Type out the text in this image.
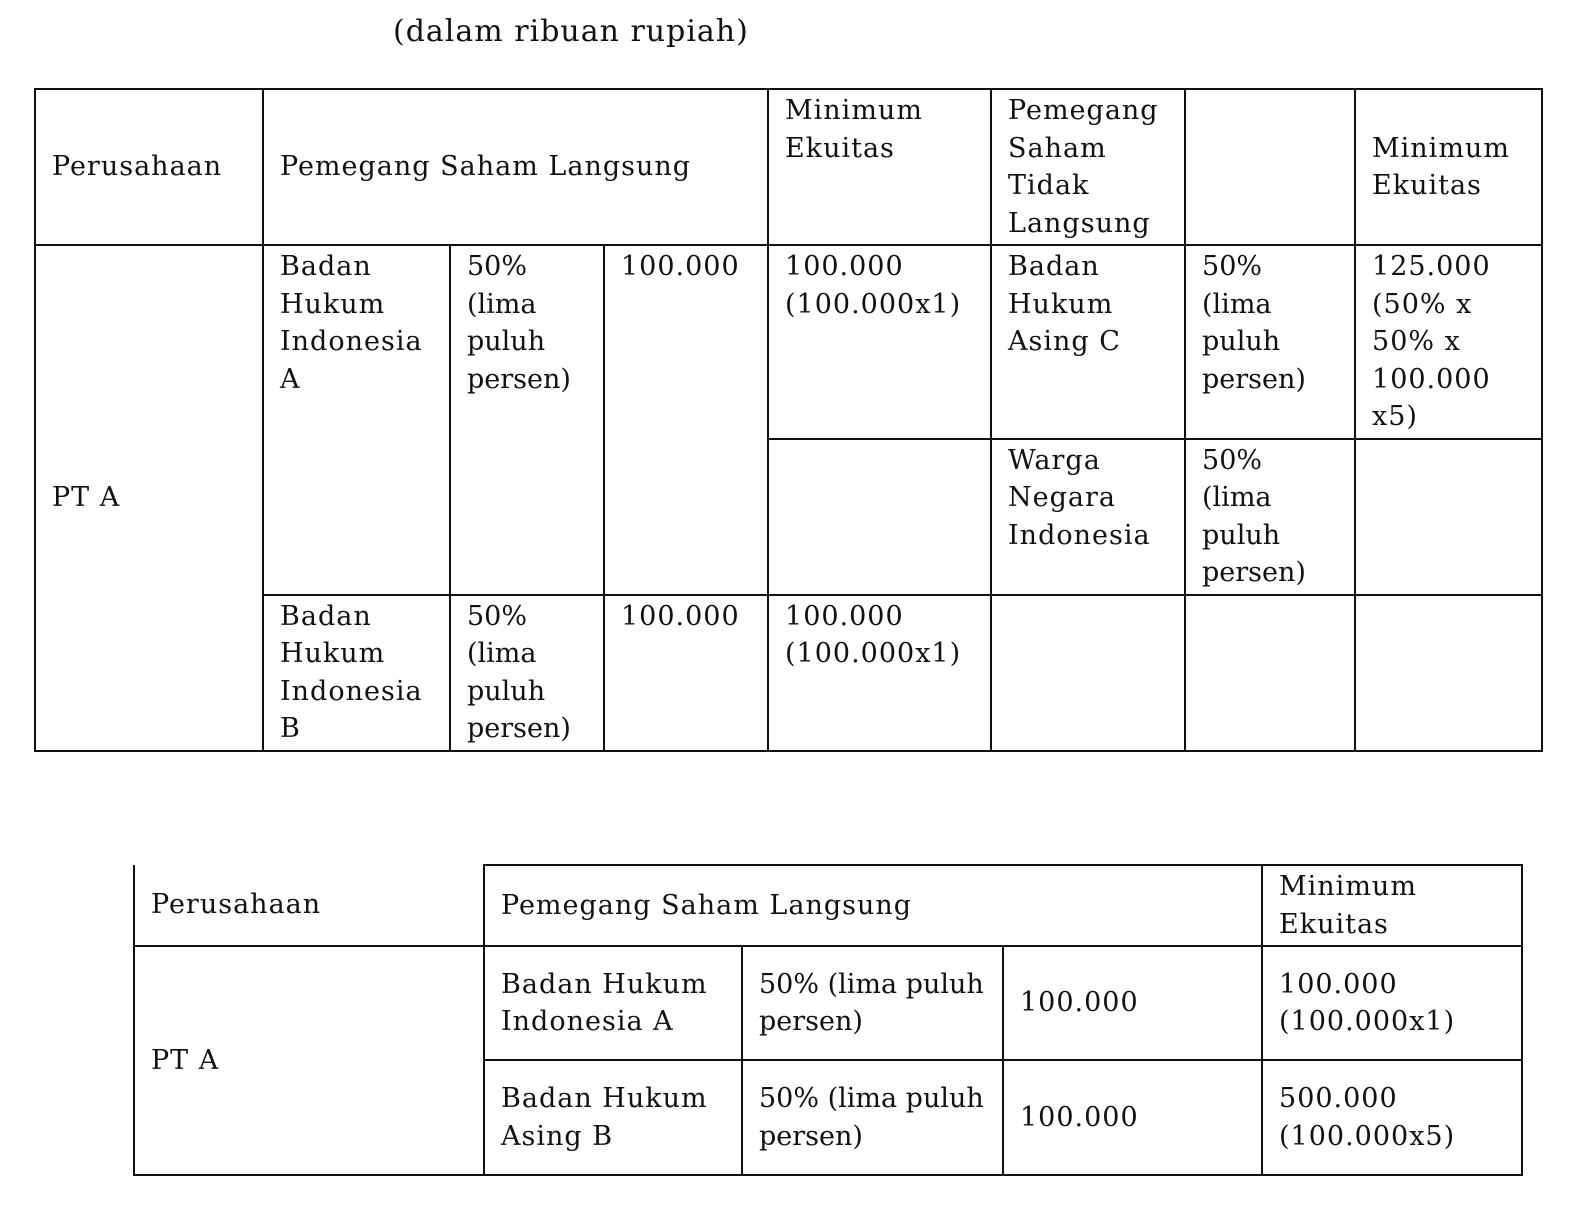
(dalam ribuan rupiah)
Perusahaan	Pemegang Saham Langsung			Minimum Ekuitas	Pemegang Saham Tidak Langsung		Minimum Ekuitas
PT A	Badan Hukum Indonesia A	50% (lima puluh persen)	100.000	100.000 (100.000x1)	Badan Hukum Asing C	50% (lima puluh persen)	125.000 (50% x 50% x 100.000 x5)
					Warga Negara Indonesia	50% (lima puluh persen)	
	Badan Hukum Indonesia B	50% (lima puluh persen)	100.000	100.000 (100.000x1)			
Perusahaan	Pemegang Saham Langsung			Minimum Ekuitas
PT A	Badan Hukum Indonesia A	50% (lima puluh persen)	100.000	100.000 (100.000x1)
	Badan Hukum Asing B	50% (lima puluh persen)	100.000	500.000 (100.000x5)
